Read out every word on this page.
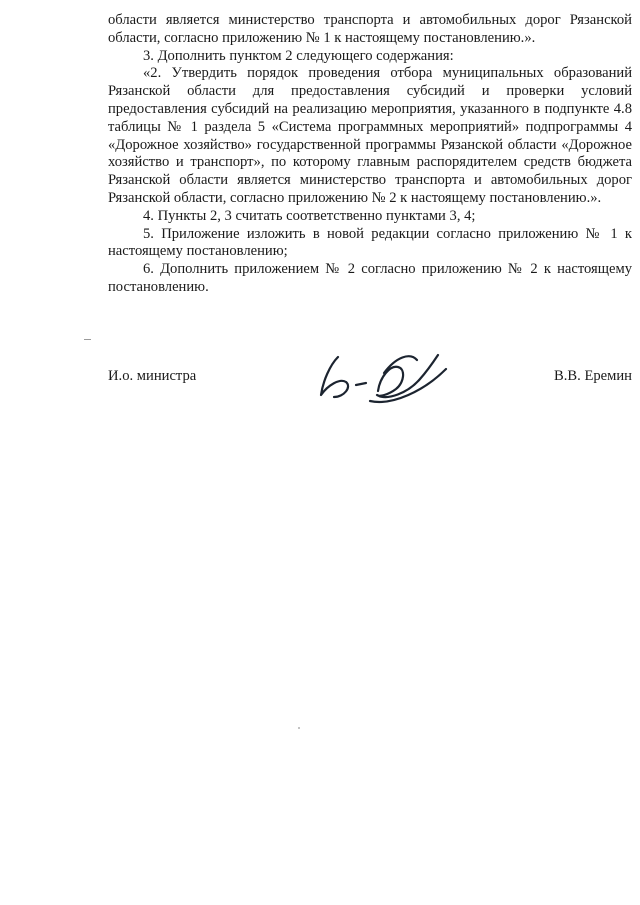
области является министерство транспорта и автомобильных дорог Рязанской области, согласно приложению № 1 к настоящему постановлению.».

3. Дополнить пунктом 2 следующего содержания:

«2. Утвердить порядок проведения отбора муниципальных образований Рязанской области для предоставления субсидий и проверки условий предоставления субсидий на реализацию мероприятия, указанного в подпункте 4.8 таблицы № 1 раздела 5 «Система программных мероприятий» подпрограммы 4 «Дорожное хозяйство» государственной программы Рязанской области «Дорожное хозяйство и транспорт», по которому главным распорядителем средств бюджета Рязанской области является министерство транспорта и автомобильных дорог Рязанской области, согласно приложению № 2 к настоящему постановлению.».

4. Пункты 2, 3 считать соответственно пунктами 3, 4;

5. Приложение изложить в новой редакции согласно приложению № 1 к настоящему постановлению;

6. Дополнить приложением № 2 согласно приложению № 2 к настоящему постановлению.

И.о. министра	В.В. Еремин
